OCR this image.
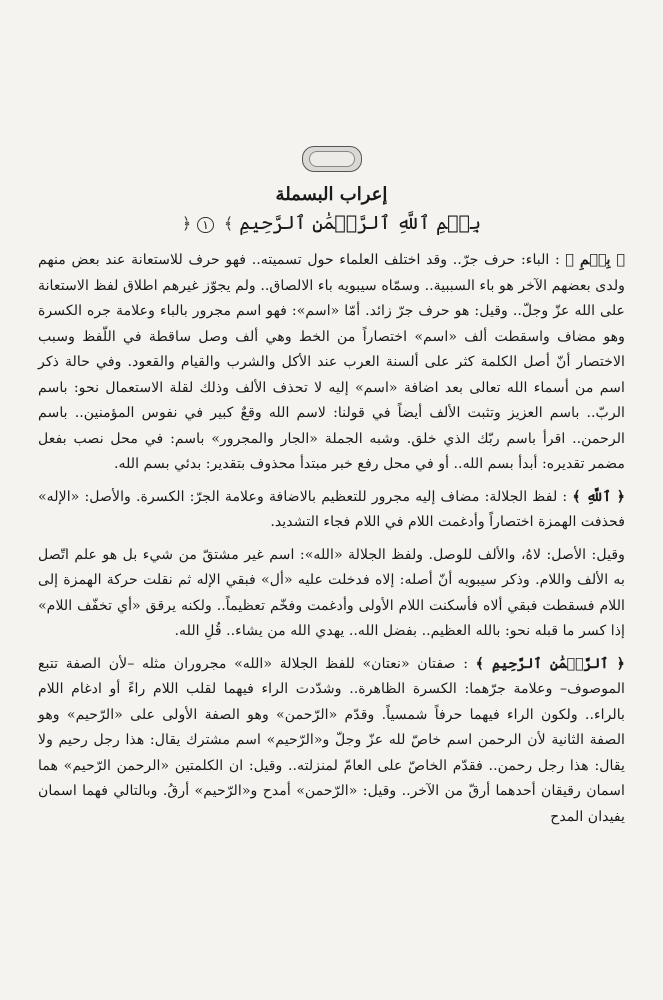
إعراب البسملة
﴿	بِسۡمِ ٱللَّهِ ٱلرَّحۡمَٰنِ ٱلرَّحِيمِ ﴾ ١

﴿ بِسۡمِ ﴾ : الباء: حرف جرّ.. وقد اختلف العلماء حول تسميته.. فهو حرف للاستعانة عند بعض منهم ولدى بعضهم الآخر هو باء السببية.. وسمّاه سيبويه باء الالصاق.. ولم يجوّز غيرهم اطلاق لفظ الاستعانة على الله عزّ وجلّ.. وقيل: هو حرف جرّ زائد. أمّا «اسم»: فهو اسم مجرور بالباء وعلامة جره الكسرة وهو مضاف واسقطت ألف «اسم» اختصاراً من الخط وهي ألف وصل ساقطة في اللّفظ وسبب الاختصار أنّ أصل الكلمة كثر على ألسنة العرب عند الأكل والشرب والقيام والقعود. وفي حالة ذكر اسم من أسماء الله تعالى بعد اضافة «اسم» إليه لا تحذف الألف وذلك لقلة الاستعمال نحو: باسم الربّ.. باسم العزيز وتثبت الألف أيضاً في قولنا: لاسم الله وقعٌ كبير في نفوس المؤمنين.. باسم الرحمن.. اقرأ باسم ربّك الذي خلق. وشبه الجملة «الجار والمجرور» باسم: في محل نصب بفعل مضمر تقديره: أبدأ بسم الله.. أو في محل رفع خبر مبتدأ محذوف بتقدير: بدئي بسم الله.

﴿ ٱللَّهِ ﴾ : لفظ الجلالة: مضاف إليه مجرور للتعظيم بالاضافة وعلامة الجرّ: الكسرة. والأصل: «الإله» فحذفت الهمزة اختصاراً وأدغمت اللام في اللام فجاء التشديد.

وقيل: الأصل: لاهُ، والألف للوصل. ولفظ الجلالة «الله»: اسم غير مشتقّ من شيء بل هو علم اتّصل به الألف واللام. وذكر سيبويه أنّ أصله: إلاه فدخلت عليه «أل» فبقي الإله ثم نقلت حركة الهمزة إلى اللام فسقطت فبقي ألاه فأسكنت اللام الأولى وأدغمت وفخّم تعظيماً.. ولكنه يرقق «أي تخفّف اللام» إذا كسر ما قبله نحو: بالله العظيم.. بفضل الله.. يهدي الله من يشاء.. قُلِ الله.

﴿ ٱلرَّحۡمَٰنِ ٱلرَّحِيمِ ﴾ : صفتان «نعتان» للفظ الجلالة «الله» مجروران مثله –لأن الصفة تتبع الموصوف– وعلامة جرّهما: الكسرة الظاهرة.. وشدّدت الراء فيهما لقلب اللام راءً أو ادغام اللام بالراء.. ولكون الراء فيهما حرفاً شمسياً. وقدّم «الرّحمن» وهو الصفة الأولى على «الرّحيم» وهو الصفة الثانية لأن الرحمن اسم خاصّ لله عزّ وجلّ و«الرّحيم» اسم مشترك يقال: هذا رجل رحيم ولا يقال: هذا رجل رحمن.. فقدّم الخاصّ على العامّ لمنزلته.. وقيل: ان الكلمتين «الرحمن الرّحيم» هما اسمان رقيقان أحدهما أرقّ من الآخر.. وقيل: «الرّحمن» أمدح و«الرّحيم» أرقُ. وبالتالي فهما اسمان يفيدان المدح
